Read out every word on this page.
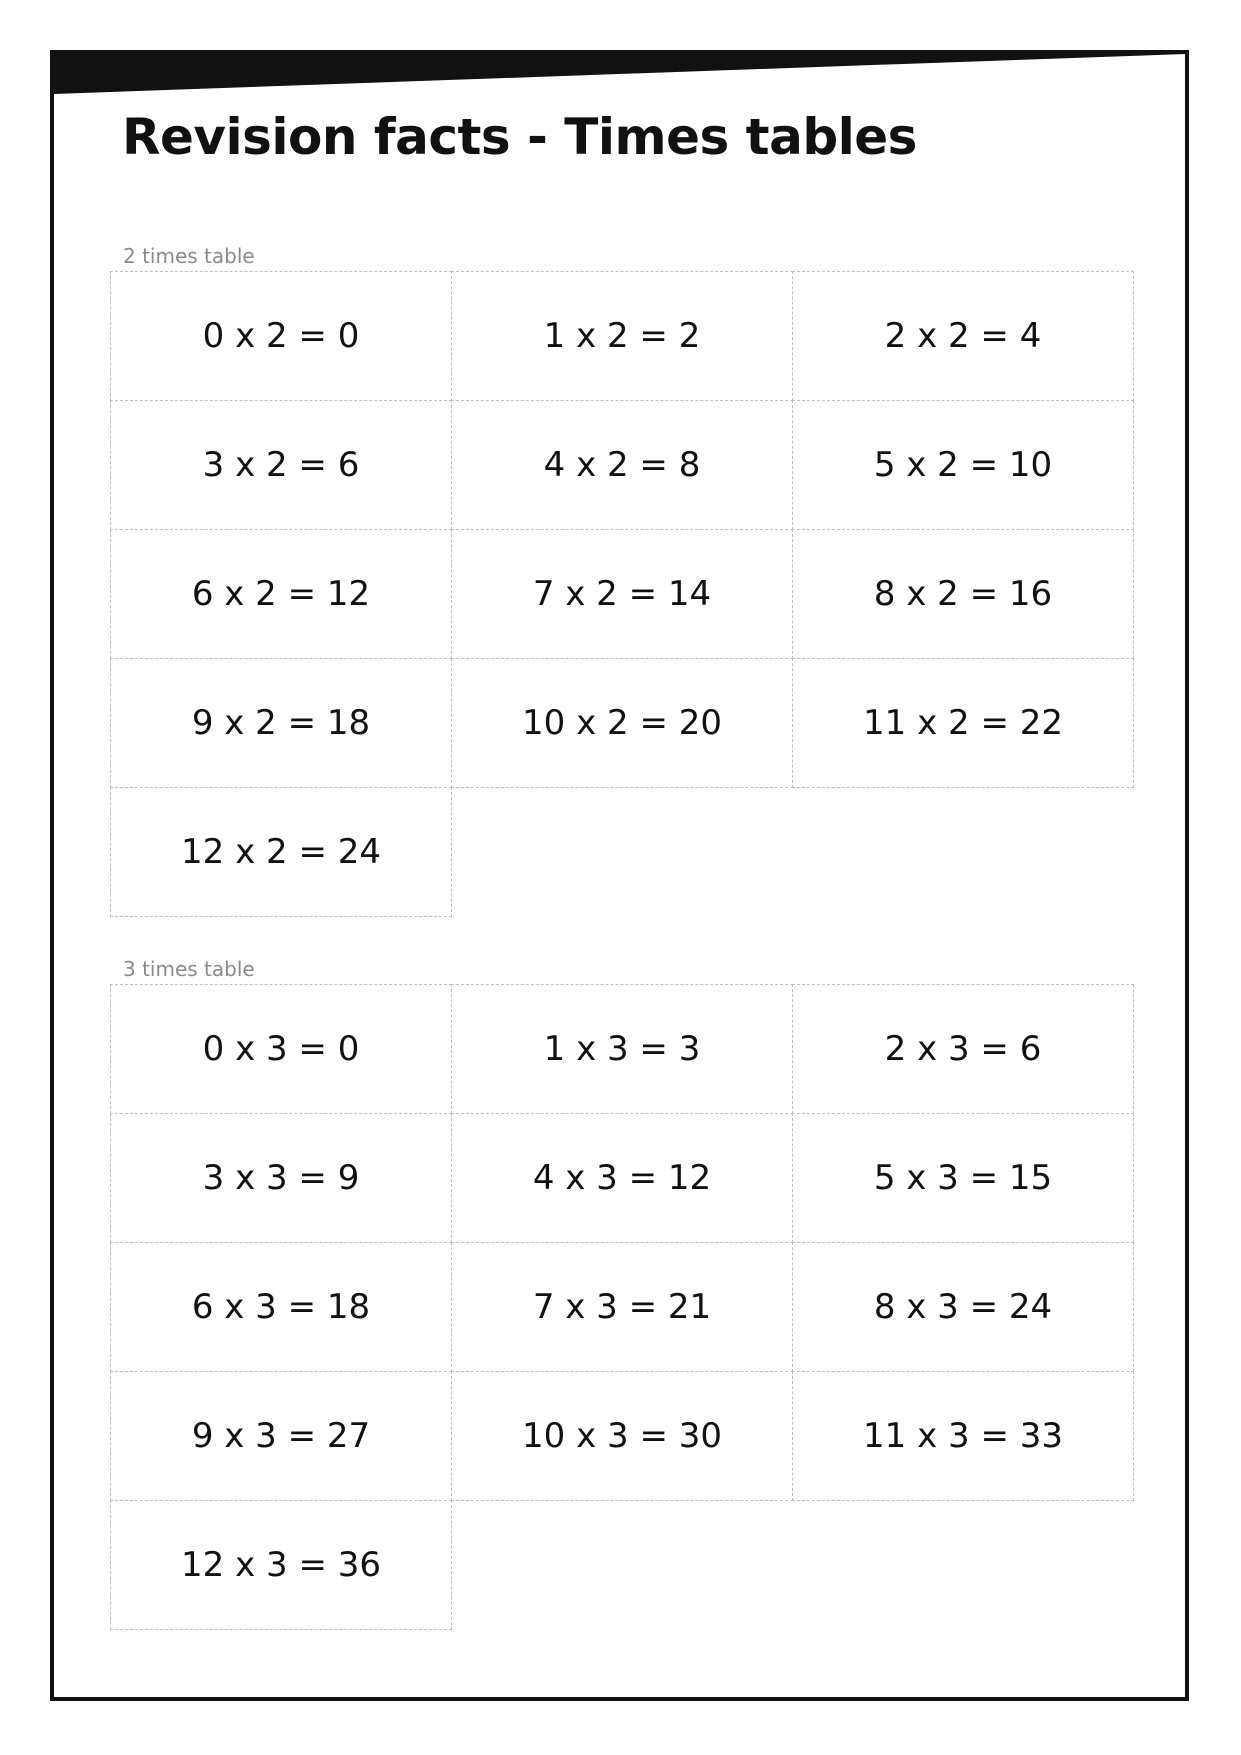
Revision facts - Times tables
2 times table
0 x 2 = 0	1 x 2 = 2	2 x 2 = 4
3 x 2 = 6	4 x 2 = 8	5 x 2 = 10
6 x 2 = 12	7 x 2 = 14	8 x 2 = 16
9 x 2 = 18	10 x 2 = 20	11 x 2 = 22
12 x 2 = 24
3 times table
0 x 3 = 0	1 x 3 = 3	2 x 3 = 6
3 x 3 = 9	4 x 3 = 12	5 x 3 = 15
6 x 3 = 18	7 x 3 = 21	8 x 3 = 24
9 x 3 = 27	10 x 3 = 30	11 x 3 = 33
12 x 3 = 36
